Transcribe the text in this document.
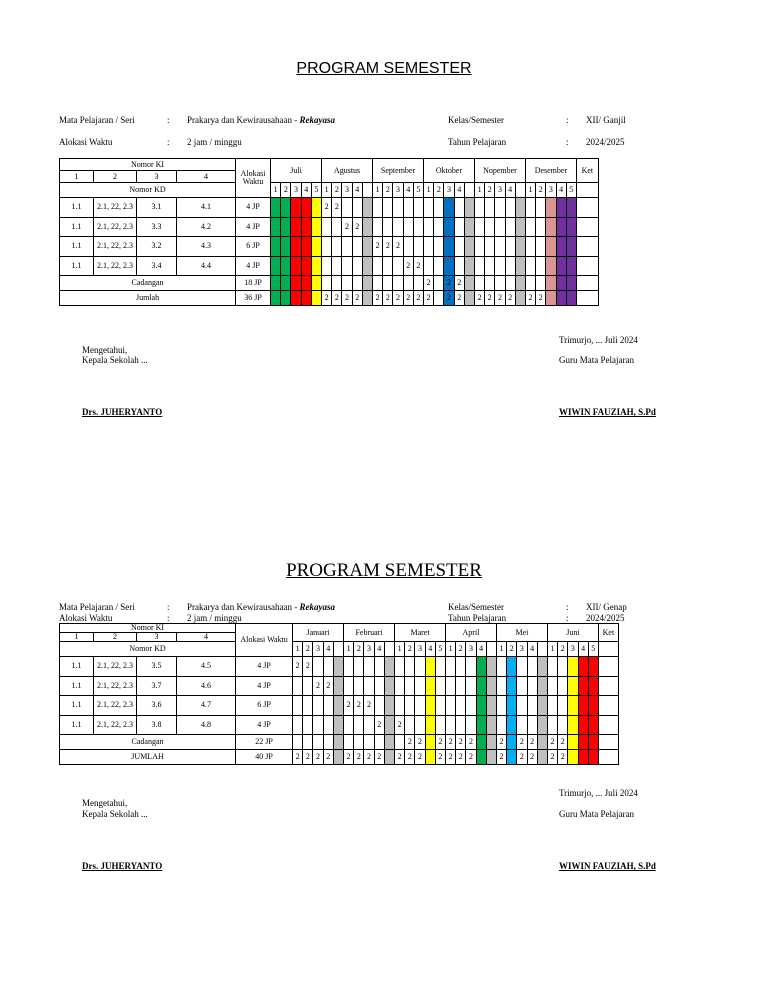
PROGRAM SEMESTER
Mata Pelajaran / Seri	: Prakarya dan Kewirausahaan - Rekayasa	Kelas/Semester	: XII/ Ganjil
Alokasi Waktu	: 2 jam / minggu	Tahun Pelajaran	: 2024/2025
Nomor KI				Alokasi Waktu	Juli					Agustus					September					Oktober					Nopember					Desember					Ket
1	2	3	4																																
Nomor KD					1	2	3	4	5	1	2	3	4		1	2	3	4	5	1	2	3	4		1	2	3	4		1	2	3	4	5	
1.1	2.1, 22, 2.3	3.1	4.1	4 JP						2	2																								
1.1	2.1, 22, 2.3	3.3	4.2	4 JP								2	2																						
1.1	2.1, 22, 2.3	3.2	4.3	6 JP											2	2	2																		
1.1	2.1, 22, 2.3	3.4	4.4	4 JP														2	2																
Cadangan				18 JP																2		2	2												
Jumlah				36 JP						2	2	2	2		2	2	2	2	2	2		2	2		2	2	2	2		2	2				
Trimurjo, ... Juli 2024
Mengetahui,
Kepala Sekolah ...	Guru Mata Pelajaran
Drs. JUHERYANTO	WIWIN FAUZIAH, S.Pd
PROGRAM SEMESTER
Mata Pelajaran / Seri	: Prakarya dan Kewirausahaan - Rekayasa	Kelas/Semester	: XII/ Genap
Alokasi Waktu	: 2 jam / minggu	Tahun Pelajaran	: 2024/2025
Nomor KI				Alokasi Waktu	Januari					Februari					Maret					April					Mei					Juni					Ket
1	2	3	4																																
Nomor KD					1	2	3	4		1	2	3	4		1	2	3	4	5	1	2	3	4		1	2	3	4		1	2	3	4	5	
1.1	2.1, 22, 2.3	3.5	4.5	4 JP	2	2																													
1.1	2.1, 22, 2.3	3.7	4.6	4 JP			2	2																											
1.1	2.1, 22, 2.3	3.6	4.7	6 JP						2	2	2																							
1.1	2.1, 22, 2.3	3.8	4.8	4 JP									2		2																				
Cadangan				22 JP												2	2		2	2	2	2			2		2	2		2	2				
JUMLAH				40 JP	2	2	2	2		2	2	2	2		2	2	2		2	2	2	2			2		2	2		2	2				
Trimurjo, ... Juli 2024
Mengetahui,
Kepala Sekolah ...	Guru Mata Pelajaran
Drs. JUHERYANTO	WIWIN FAUZIAH, S.Pd
